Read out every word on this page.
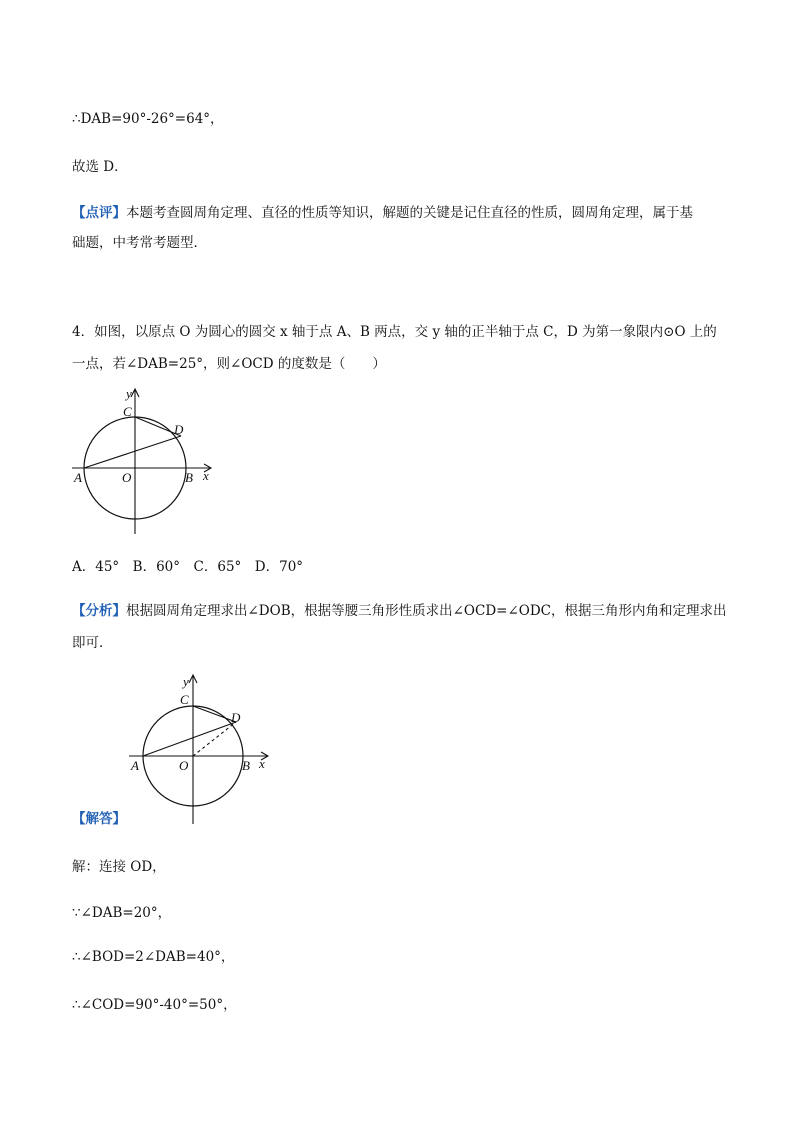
∴DAB=90°-26°=64°，
故选 D．
【点评】本题考查圆周角定理、直径的性质等知识，解题的关键是记住直径的性质，圆周角定理，属于基
础题，中考常考题型．
4．如图，以原点 O 为圆心的圆交 x 轴于点 A、B 两点，交 y 轴的正半轴于点 C，D 为第一象限内⊙O 上的
一点，若∠DAB=25°，则∠OCD 的度数是（　　）
y
C
D
A	O	B x
A．45°　B．60°　C．65°　D．70°
【分析】根据圆周角定理求出∠DOB，根据等腰三角形性质求出∠OCD=∠ODC，根据三角形内角和定理求出
即可．
y
C
D
A	O	B x
【解答】
解：连接 OD，
∵∠DAB=20°，
∴∠BOD=2∠DAB=40°，
∴∠COD=90°-40°=50°，
